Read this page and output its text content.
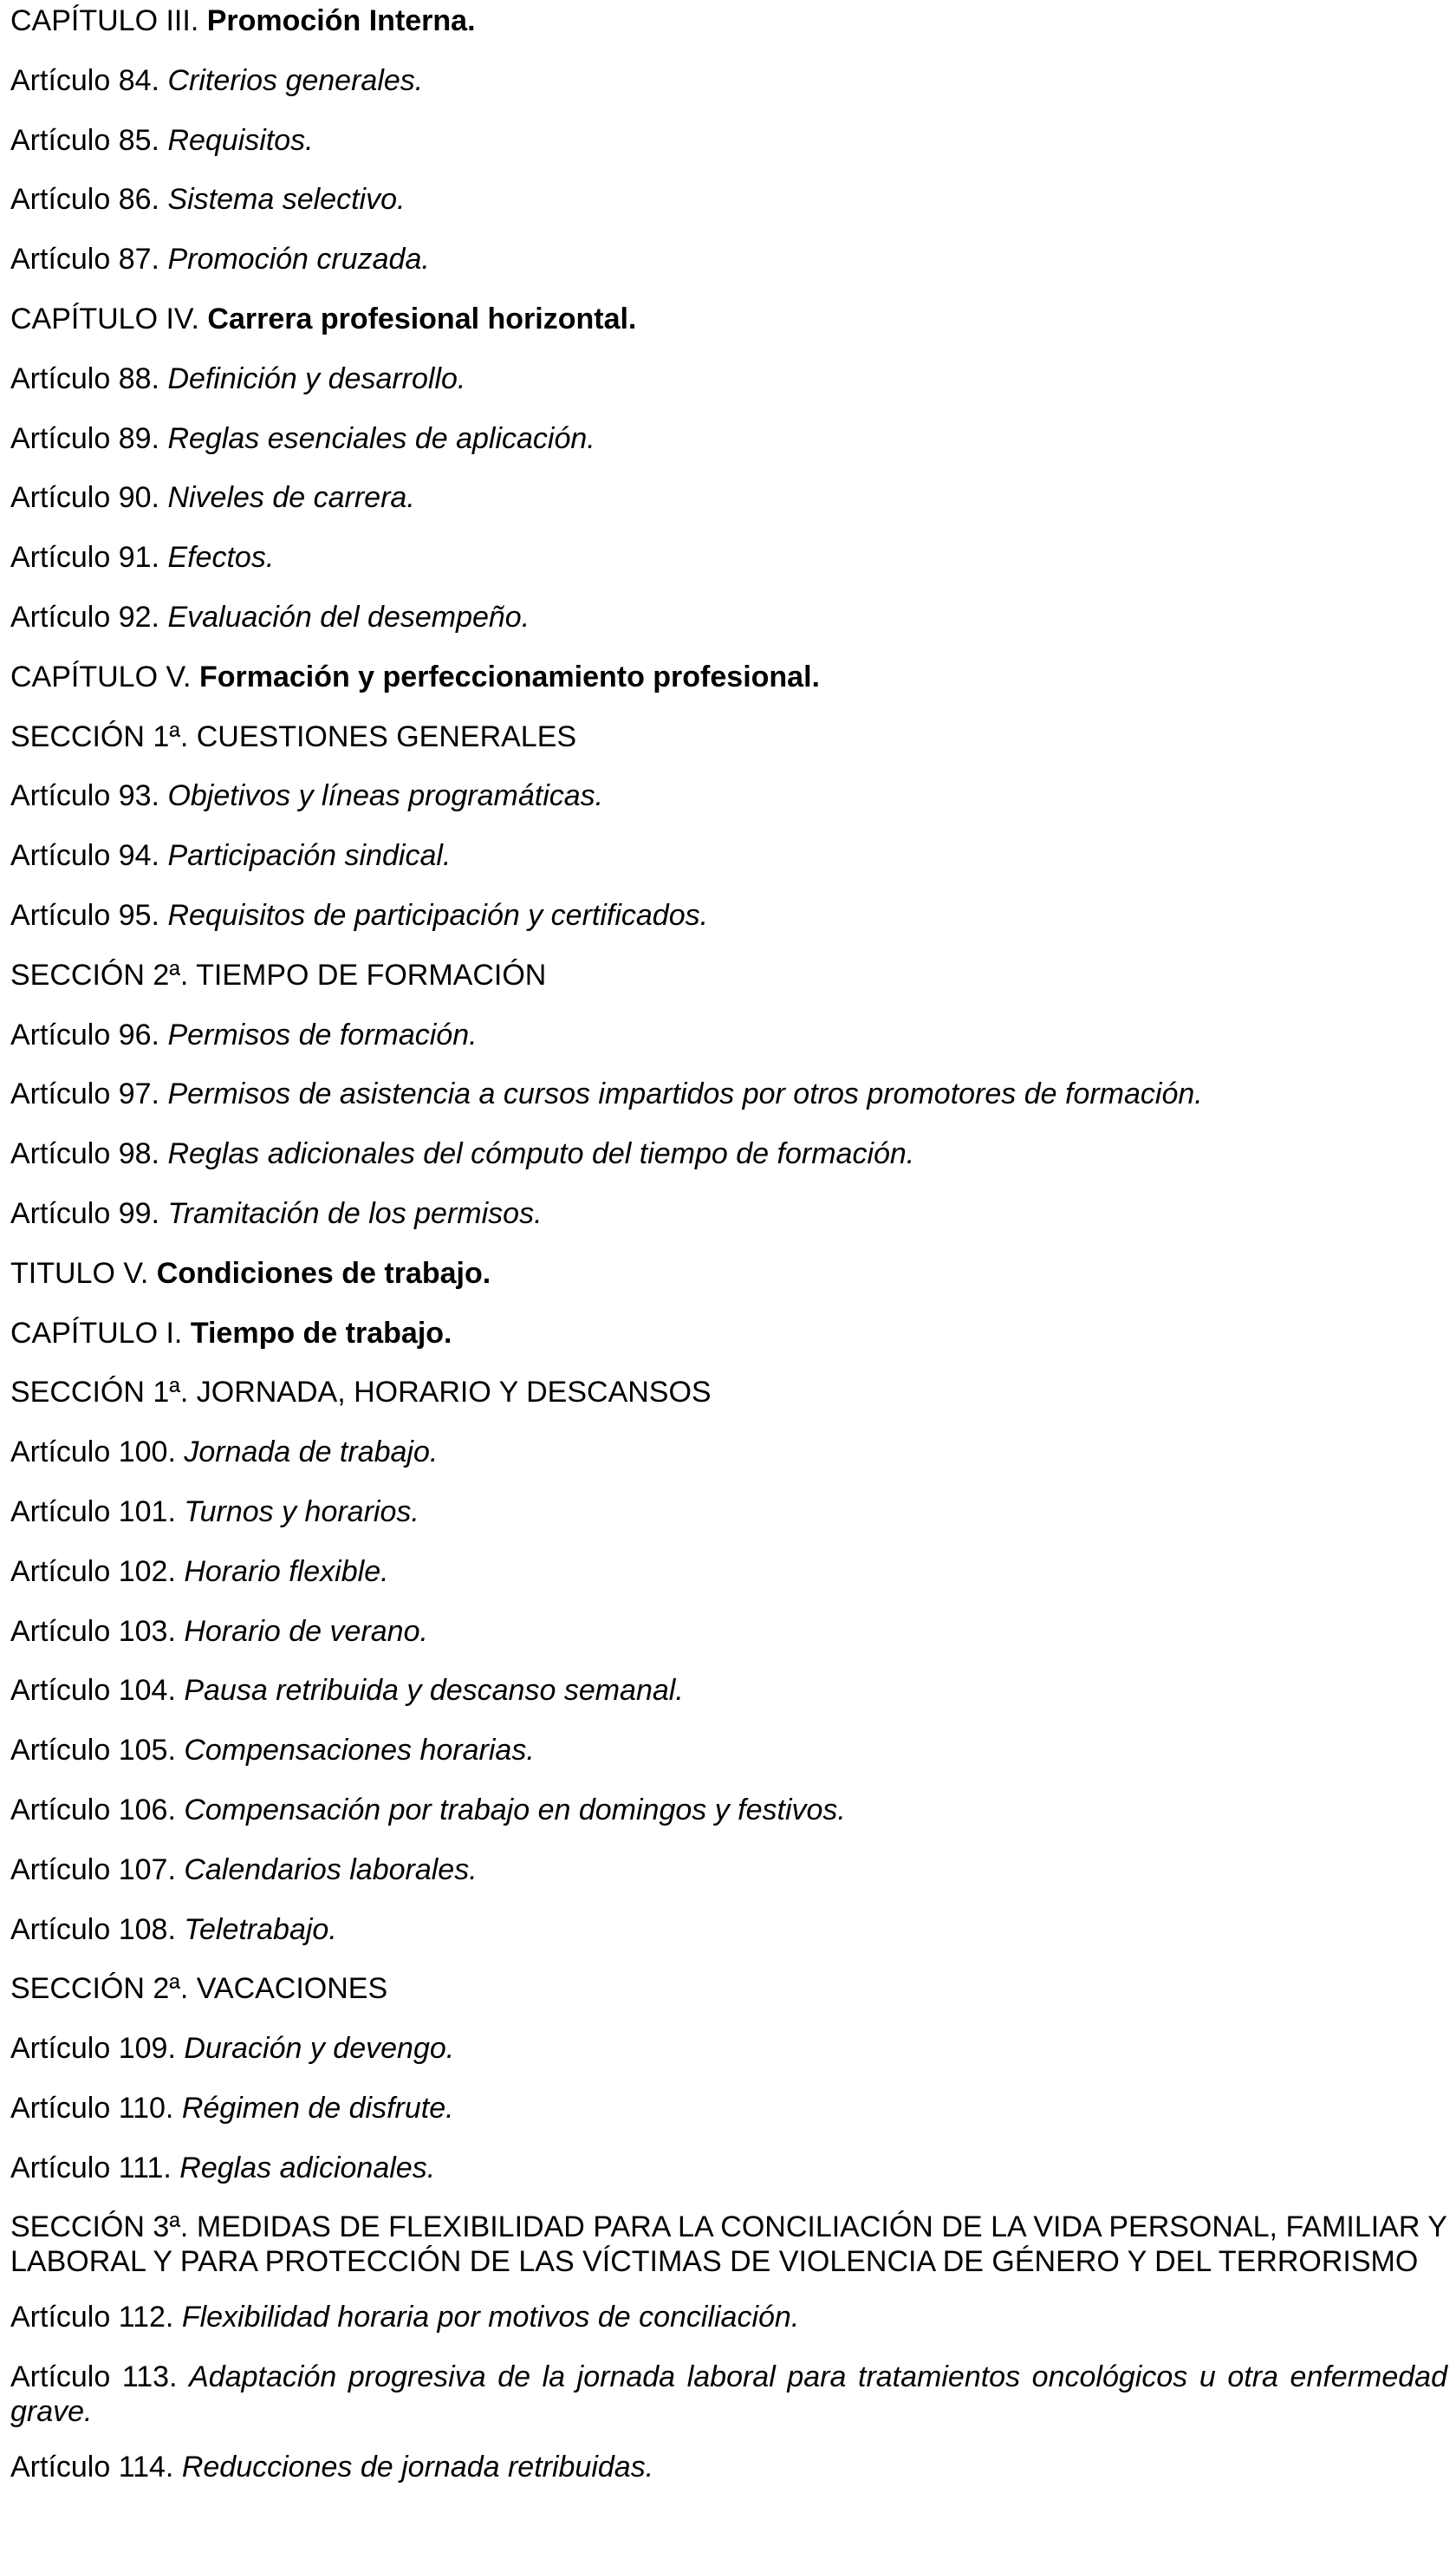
CAPÍTULO III. Promoción Interna.
Artículo 84. Criterios generales.
Artículo 85. Requisitos.
Artículo 86. Sistema selectivo.
Artículo 87. Promoción cruzada.
CAPÍTULO IV. Carrera profesional horizontal.
Artículo 88. Definición y desarrollo.
Artículo 89. Reglas esenciales de aplicación.
Artículo 90. Niveles de carrera.
Artículo 91. Efectos.
Artículo 92. Evaluación del desempeño.
CAPÍTULO V. Formación y perfeccionamiento profesional.
SECCIÓN 1ª. CUESTIONES GENERALES
Artículo 93. Objetivos y líneas programáticas.
Artículo 94. Participación sindical.
Artículo 95. Requisitos de participación y certificados.
SECCIÓN 2ª. TIEMPO DE FORMACIÓN
Artículo 96. Permisos de formación.
Artículo 97. Permisos de asistencia a cursos impartidos por otros promotores de formación.
Artículo 98. Reglas adicionales del cómputo del tiempo de formación.
Artículo 99. Tramitación de los permisos.
TITULO V. Condiciones de trabajo.
CAPÍTULO I. Tiempo de trabajo.
SECCIÓN 1ª. JORNADA, HORARIO Y DESCANSOS
Artículo 100. Jornada de trabajo.
Artículo 101. Turnos y horarios.
Artículo 102. Horario flexible.
Artículo 103. Horario de verano.
Artículo 104. Pausa retribuida y descanso semanal.
Artículo 105. Compensaciones horarias.
Artículo 106. Compensación por trabajo en domingos y festivos.
Artículo 107. Calendarios laborales.
Artículo 108. Teletrabajo.
SECCIÓN 2ª. VACACIONES
Artículo 109. Duración y devengo.
Artículo 110. Régimen de disfrute.
Artículo 111. Reglas adicionales.
SECCIÓN 3ª. MEDIDAS DE FLEXIBILIDAD PARA LA CONCILIACIÓN DE LA VIDA PERSONAL, FAMILIAR Y LABORAL Y PARA PROTECCIÓN DE LAS VÍCTIMAS DE VIOLENCIA DE GÉNERO Y DEL TERRORISMO
Artículo 112. Flexibilidad horaria por motivos de conciliación.
Artículo 113. Adaptación progresiva de la jornada laboral para tratamientos oncológicos u otra enfermedad grave.
Artículo 114. Reducciones de jornada retribuidas.
